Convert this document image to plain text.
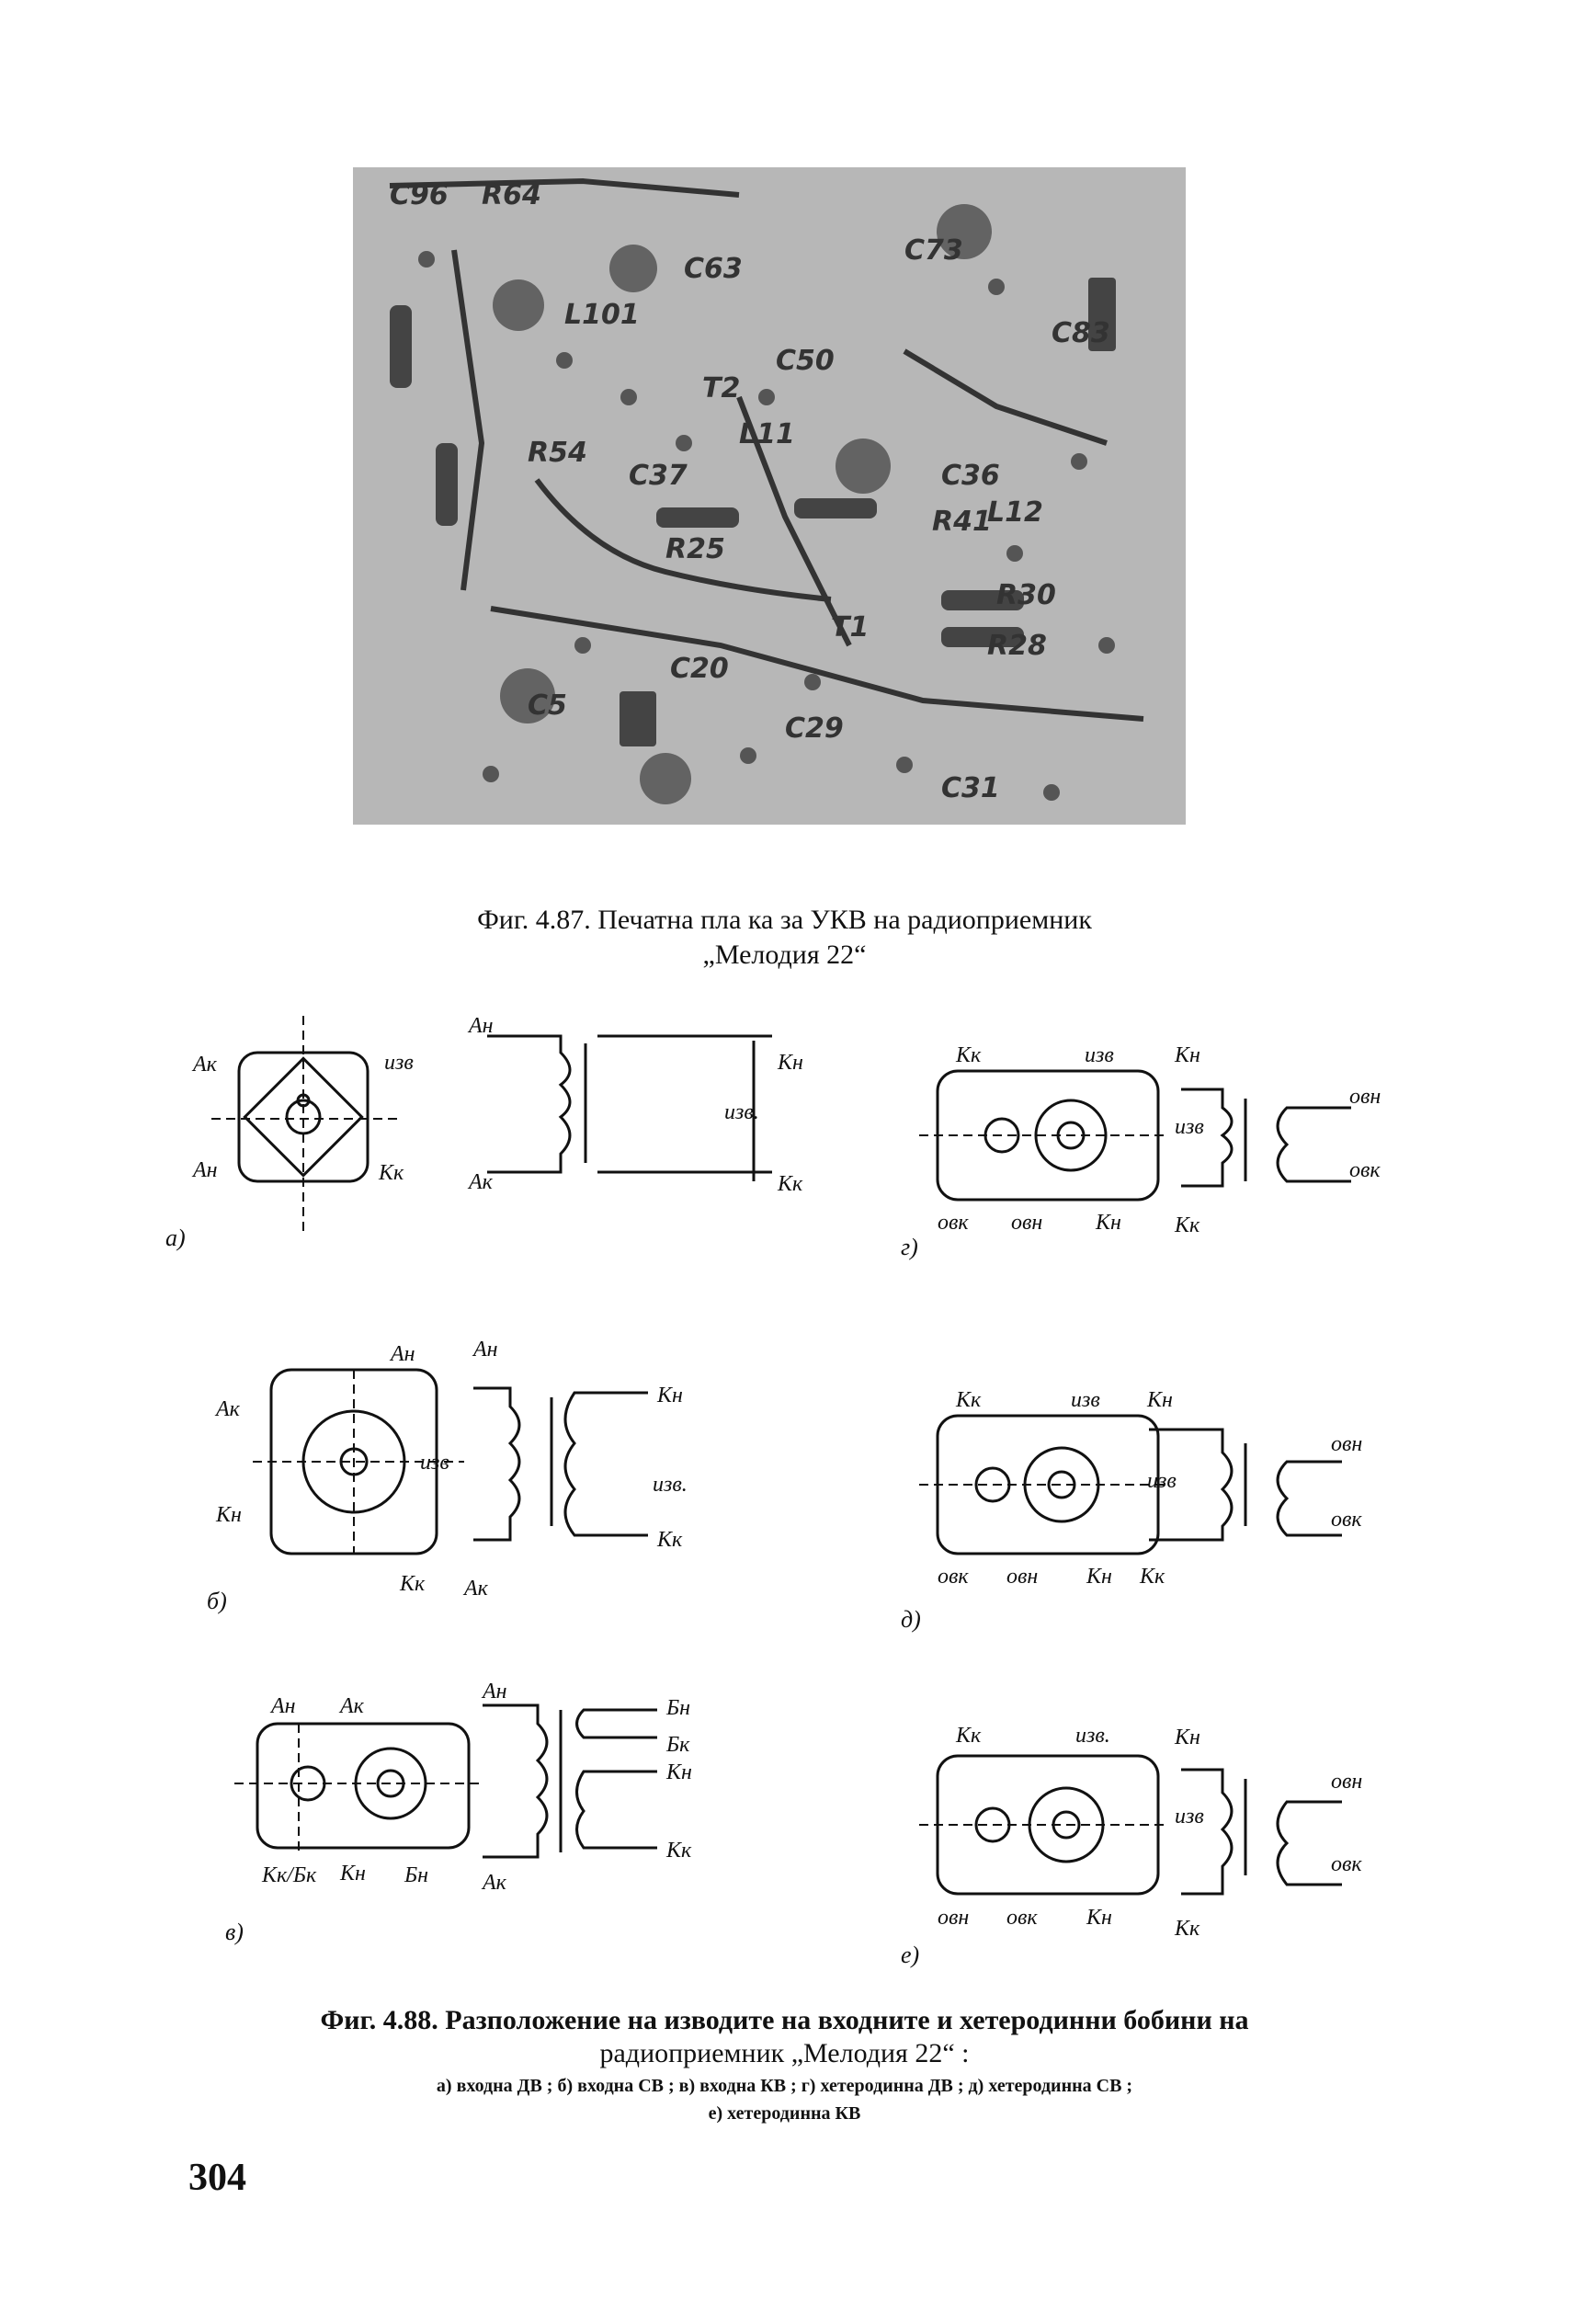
C96 R64
C63
C73
L101
T2
C50
C83
L11
R54
C37
R25
R41
C36
L12
R30
C20
T1
R28
C5
C29
C31
Фиг. 4.87. Печатна пла ка за УКВ на радиоприемник
„Мелодия 22“
Ак
Ан
изв
Кк
Ан
Ак
Кн
изв.
Кк
а)
Кк	изв
овк овн Кн
Кн
изв
Кк
овн
овк
г)
Ан
Ак
Кн
изв
Кк Ак
Ан
Кн
изв.
Кк
б)
Кк	изв
овк овн Кн
Кн
изв
Кк
овн
овк
д)
Ан Ак
Кк/Бк Кн Бн
Ан
Бн
Бк
Кн
Кк
Ак
в)
Кк	изв.
овн овк Кн
Кн
изв
Кк
овн
овк
е)
Фиг. 4.88. Разположение на изводите на входните и хетеродинни бобини на
радиоприемник „Мелодия 22“ :
а) входна ДВ ; б) входна СВ ; в) входна КВ ; г) хетеродинна ДВ ; д) хетеродинна СВ ;
е) хетеродинна КВ
304
